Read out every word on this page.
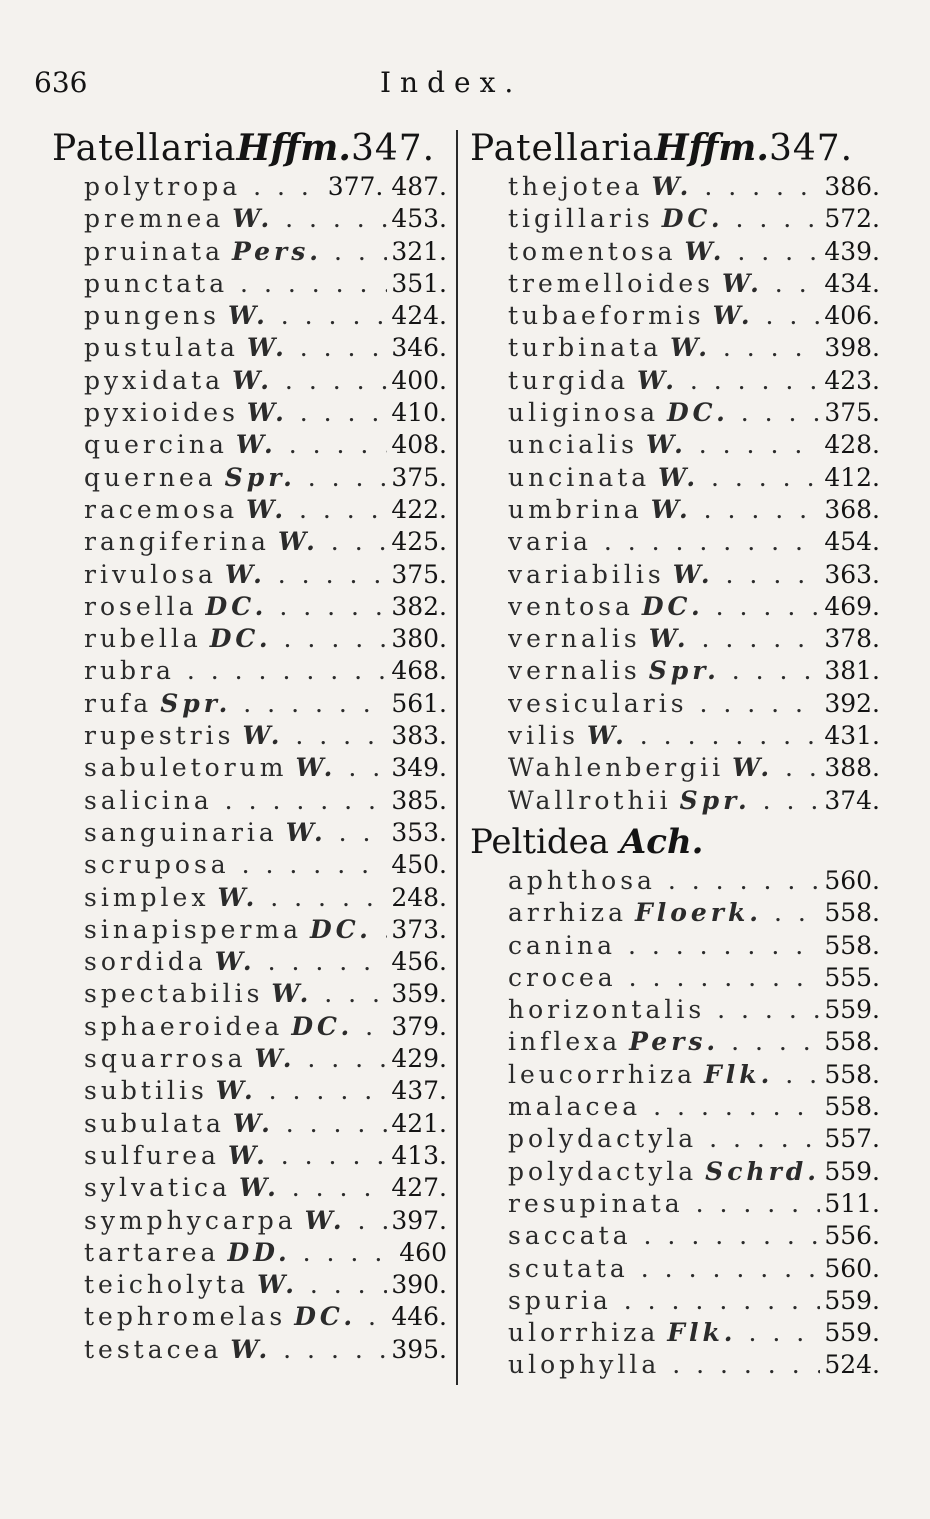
636	Index.
PatellariaHffm.347.
polytropa . . .	377. 487.
premnea W. . . .	453.
pruinata Pers. . . .	321.
punctata . . .	351.
pungens W. . . .	424.
pustulata W. . . .	346.
pyxidata W. . . .	400.
pyxioides W. . . .	410.
quercina W. . . .	408.
quernea Spr. . . .	375.
racemosa W. . . .	422.
rangiferina W. . . .	425.
rivulosa W. . . .	375.
rosella DC. . . .	382.
rubella DC. . . .	380.
rubra . . .	468.
rufa Spr. . . .	561.
rupestris W. . . .	383.
sabuletorum W. . . .	349.
salicina . . .	385.
sanguinaria W. . . .	353.
scruposa . . .	450.
simplex W. . . .	248.
sinapisperma DC. . . . 373.
sordida W. . . .	456.
spectabilis W. . . .	359.
sphaeroidea DC. . . .	379.
squarrosa W. . . .	429.
subtilis W. . . .	437.
subulata W. . . .	421.
sulfurea W. . . .	413.
sylvatica W. . . .	427.
symphycarpa W. . . .	397.
tartarea DD. . . .	460
teicholyta W. . . .	390.
tephromelas DC. . . .	446.
testacea W. . . .	395.
PatellariaHffm.347.
thejotea W. . . .	386.
tigillaris DC. . . .	572.
tomentosa W. . . .	439.
tremelloides W. . . .	434.
tubaeformis W. . . .	406.
turbinata W. . . .	398.
turgida W. . . .	423.
uliginosa DC. . . .	375.
uncialis W. . . .	428.
uncinata W. . . .	412.
umbrina W. . . .	368.
varia . . .	454.
variabilis W. . . .	363.
ventosa DC. . . .	469.
vernalis W. . . .	378.
vernalis Spr. . . .	381.
vesicularis . . .	392.
vilis W. . . .	431.
Wahlenbergii W. . . .	388.
Wallrothii Spr. . . .	374.
Peltidea Ach.
aphthosa . . .	560.
arrhiza Floerk. . . .	558.
canina . . .	558.
crocea . . .	555.
horizontalis . . .	559.
inflexa Pers. . . .	558.
leucorrhiza Flk. . . .	558.
malacea . . .	558.
polydactyla . . .	557.
polydactyla Schrd. . . . 559.
resupinata . . .	511.
saccata . . .	556.
scutata . . .	560.
spuria . . .	559.
ulorrhiza Flk. . . .	559.
ulophylla . . .	524.
